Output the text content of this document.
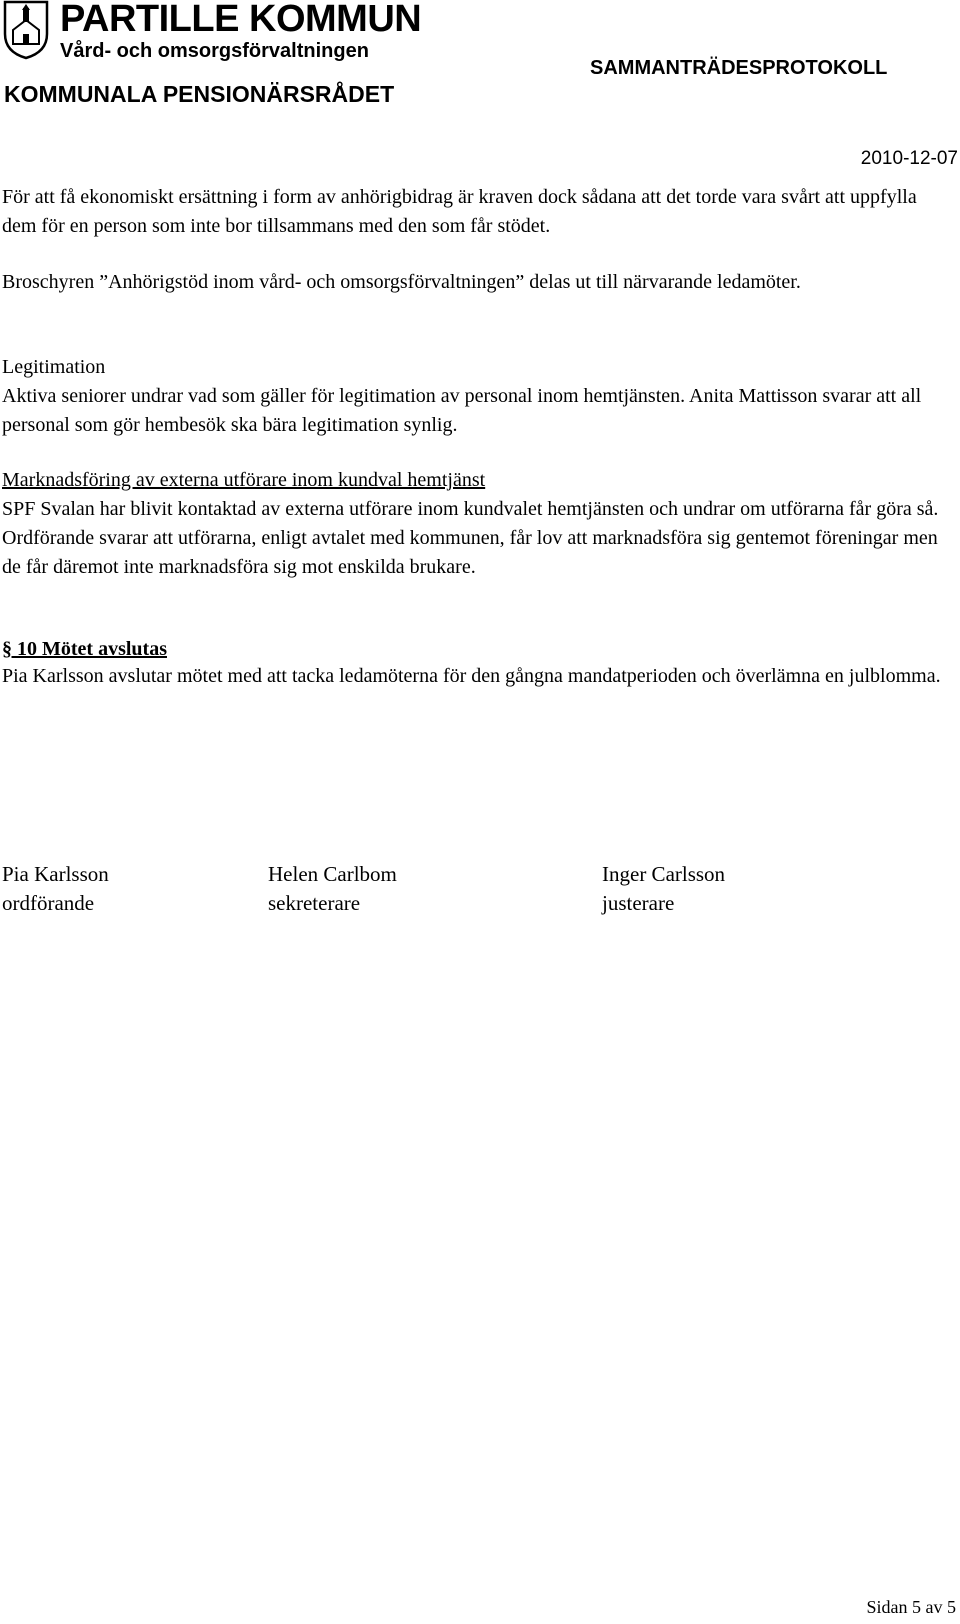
PARTILLE KOMMUN
Vård- och omsorgsförvaltningen
SAMMANTRÄDESPROTOKOLL
KOMMUNALA PENSIONÄRSRÅDET
2010-12-07

För att få ekonomiskt ersättning i form av anhörigbidrag är kraven dock sådana att det torde vara svårt att uppfylla dem för en person som inte bor tillsammans med den som får stödet.

Broschyren ”Anhörigstöd inom vård- och omsorgsförvaltningen” delas ut till närvarande ledamöter.

Legitimation

Aktiva seniorer undrar vad som gäller för legitimation av personal inom hemtjänsten. Anita Mattisson svarar att all personal som gör hembesök ska bära legitimation synlig.

Marknadsföring av externa utförare inom kundval hemtjänst

SPF Svalan har blivit kontaktad av externa utförare inom kundvalet hemtjänsten och undrar om utförarna får göra så. Ordförande svarar att utförarna, enligt avtalet med kommunen, får lov att marknadsföra sig gentemot föreningar men de får däremot inte marknadsföra sig mot enskilda brukare.

§ 10 Mötet avslutas

Pia Karlsson avslutar mötet med att tacka ledamöterna för den gångna mandatperioden och överlämna en julblomma.

Pia Karlsson
ordförande
Helen Carlbom
sekreterare
Inger Carlsson
justerare
Sidan 5 av 5
